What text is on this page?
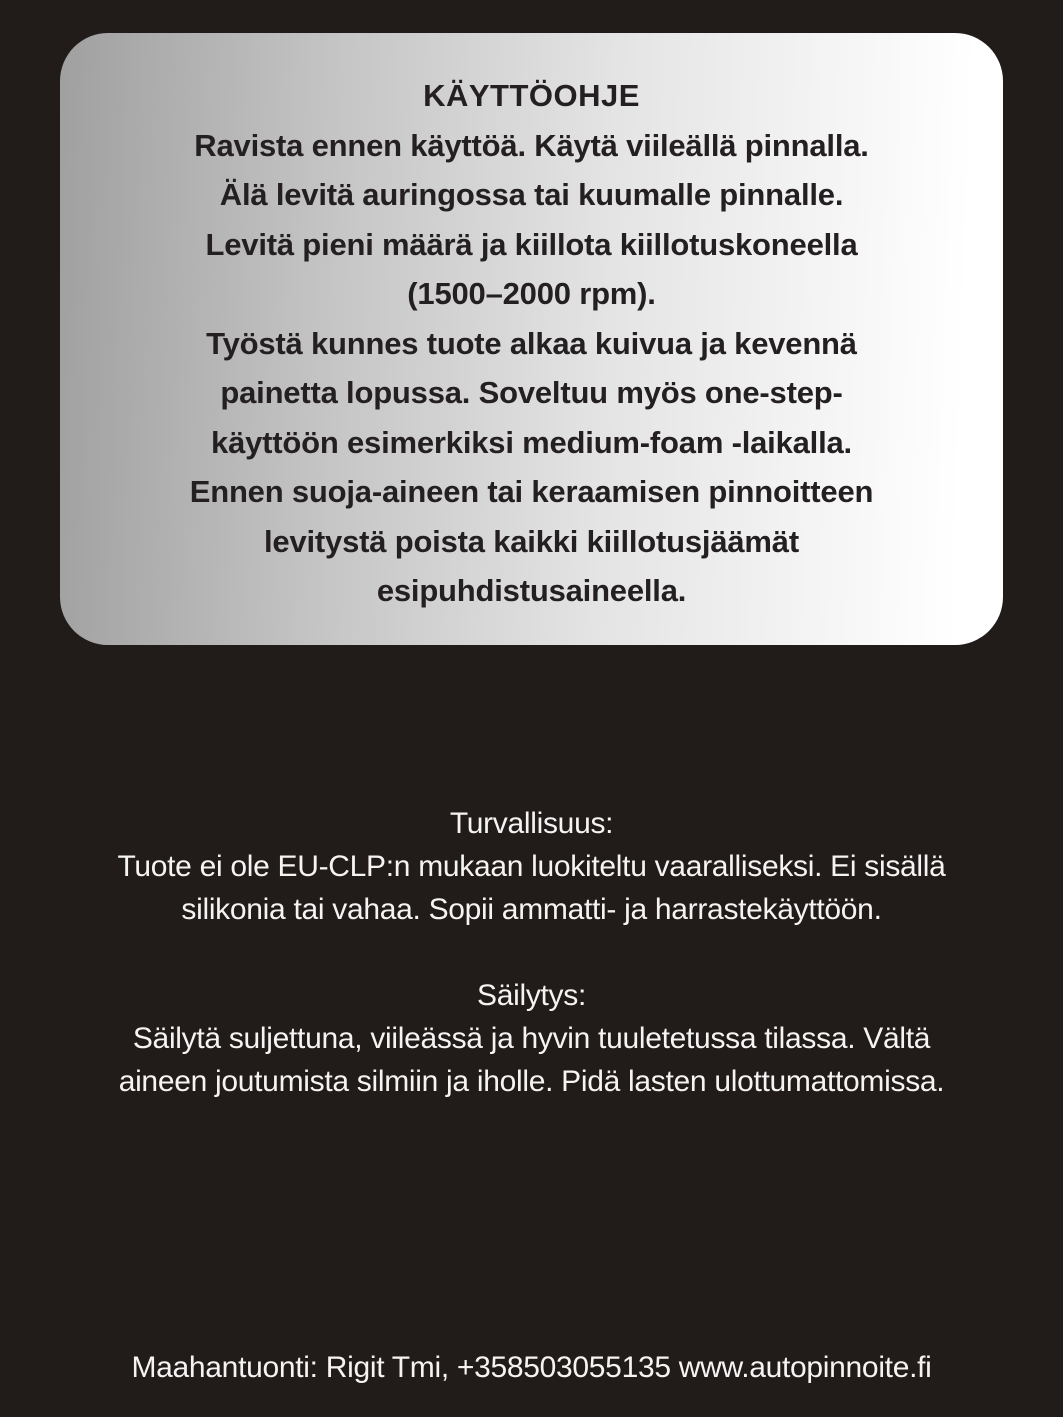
KÄYTTÖOHJE
Ravista ennen käyttöä. Käytä viileällä pinnalla.
Älä levitä auringossa tai kuumalle pinnalle.
Levitä pieni määrä ja kiillota kiillotuskoneella
(1500–2000 rpm).
Työstä kunnes tuote alkaa kuivua ja kevennä
painetta lopussa. Soveltuu myös one-step-
käyttöön esimerkiksi medium-foam -laikalla.
Ennen suoja-aineen tai keraamisen pinnoitteen
levitystä poista kaikki kiillotusjäämät
esipuhdistusaineella.
Turvallisuus:
Tuote ei ole EU-CLP:n mukaan luokiteltu vaaralliseksi. Ei sisällä
silikonia tai vahaa. Sopii ammatti- ja harrastekäyttöön.
Säilytys:
Säilytä suljettuna, viileässä ja hyvin tuuletetussa tilassa. Vältä
aineen joutumista silmiin ja iholle. Pidä lasten ulottumattomissa.
Maahantuonti: Rigit Tmi, +358503055135 www.autopinnoite.fi
